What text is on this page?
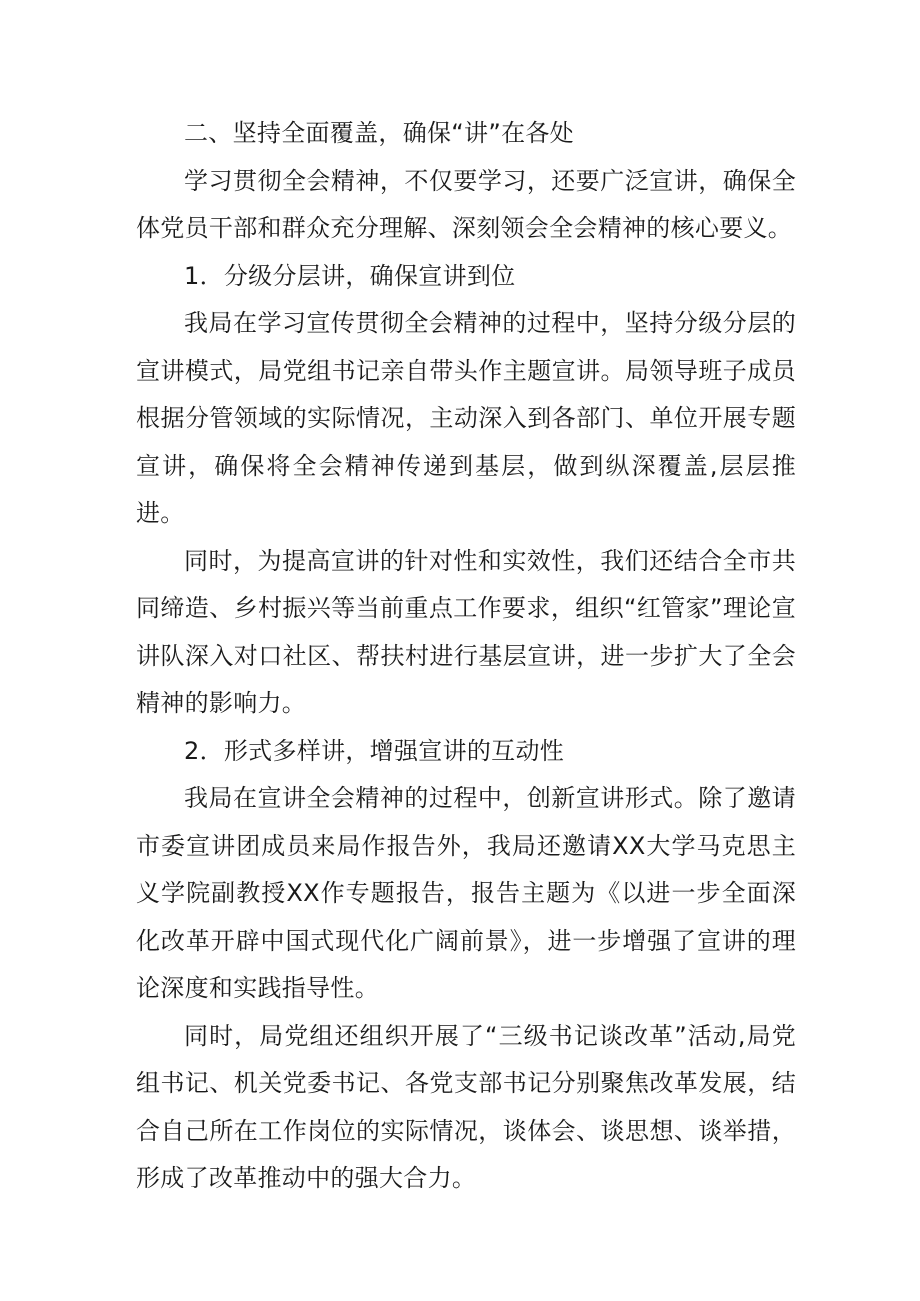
二、坚持全面覆盖，确保“讲”在各处

学习贯彻全会精神，不仅要学习，还要广泛宣讲，确保全体党员干部和群众充分理解、深刻领会全会精神的核心要义。

1．分级分层讲，确保宣讲到位

我局在学习宣传贯彻全会精神的过程中，坚持分级分层的宣讲模式，局党组书记亲自带头作主题宣讲。局领导班子成员根据分管领域的实际情况，主动深入到各部门、单位开展专题宣讲，确保将全会精神传递到基层，做到纵深覆盖,层层推进。

同时，为提高宣讲的针对性和实效性，我们还结合全市共同缔造、乡村振兴等当前重点工作要求，组织“红管家”理论宣讲队深入对口社区、帮扶村进行基层宣讲，进一步扩大了全会精神的影响力。

2．形式多样讲，增强宣讲的互动性

我局在宣讲全会精神的过程中，创新宣讲形式。除了邀请市委宣讲团成员来局作报告外，我局还邀请XX大学马克思主义学院副教授XX作专题报告，报告主题为《以进一步全面深化改革开辟中国式现代化广阔前景》，进一步增强了宣讲的理论深度和实践指导性。

同时，局党组还组织开展了“三级书记谈改革”活动,局党组书记、机关党委书记、各党支部书记分别聚焦改革发展，结合自己所在工作岗位的实际情况，谈体会、谈思想、谈举措，形成了改革推动中的强大合力。
